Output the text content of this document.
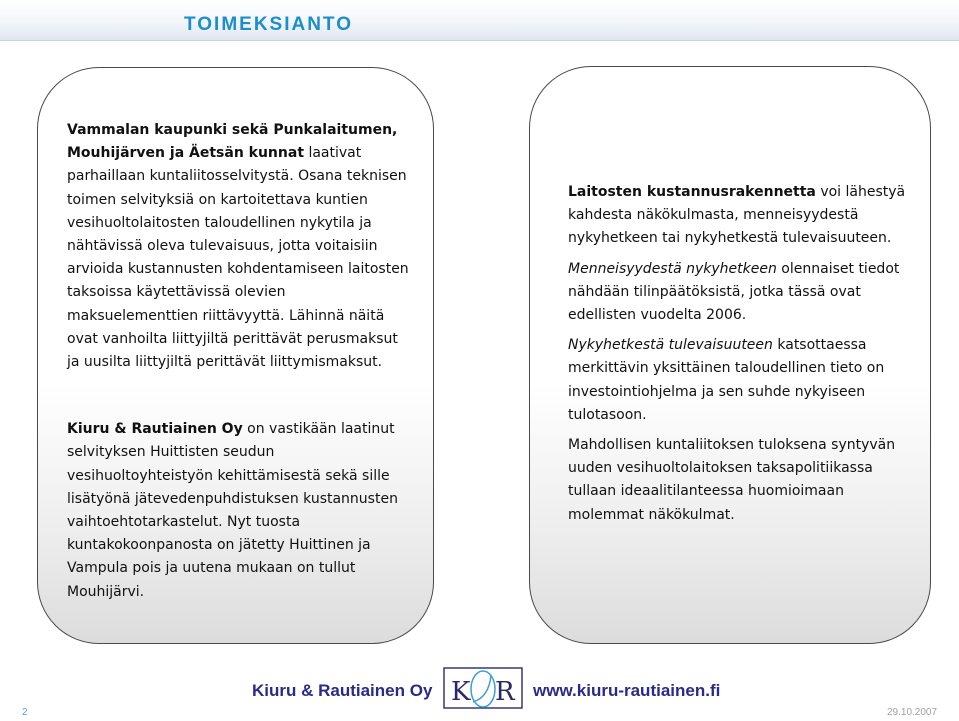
TOIMEKSIANTO

Vammalan kaupunki sekä Punkalaitumen, Mouhijärven ja Äetsän kunnat laativat parhaillaan kuntaliitosselvitystä. Osana teknisen toimen selvityksiä on kartoitettava kuntien vesihuoltolaitosten taloudellinen nykytila ja nähtävissä oleva tulevaisuus, jotta voitaisiin arvioida kustannusten kohdentamiseen laitosten taksoissa käytettävissä olevien maksuelementtien riittävyyttä. Lähinnä näitä ovat vanhoilta liittyjiltä perittävät perusmaksut ja uusilta liittyjiltä perittävät liittymismaksut.

Kiuru & Rautiainen Oy on vastikään laatinut selvityksen Huittisten seudun vesihuoltoyhteistyön kehittämisestä sekä sille lisätyönä jätevedenpuhdistuksen kustannusten vaihtoehtotarkastelut. Nyt tuosta kuntakokoonpanosta on jätetty Huittinen ja Vampula pois ja uutena mukaan on tullut Mouhijärvi.

Laitosten kustannusrakennetta voi lähestyä kahdesta näkökulmasta, menneisyydestä nykyhetkeen tai nykyhetkestä tulevaisuuteen.

Menneisyydestä nykyhetkeen olennaiset tiedot nähdään tilinpäätöksistä, jotka tässä ovat edellisten vuodelta 2006.

Nykyhetkestä tulevaisuuteen katsottaessa merkittävin yksittäinen taloudellinen tieto on investointiohjelma ja sen suhde nykyiseen tulotasoon.

Mahdollisen kuntaliitoksen tuloksena syntyvän uuden vesihuoltolaitoksen taksapolitiikassa tullaan ideaalitilanteessa huomioimaan molemmat näkökulmat.

Kiuru & Rautiainen Oy K R www.kiuru-rautiainen.fi
2	29.10.2007
